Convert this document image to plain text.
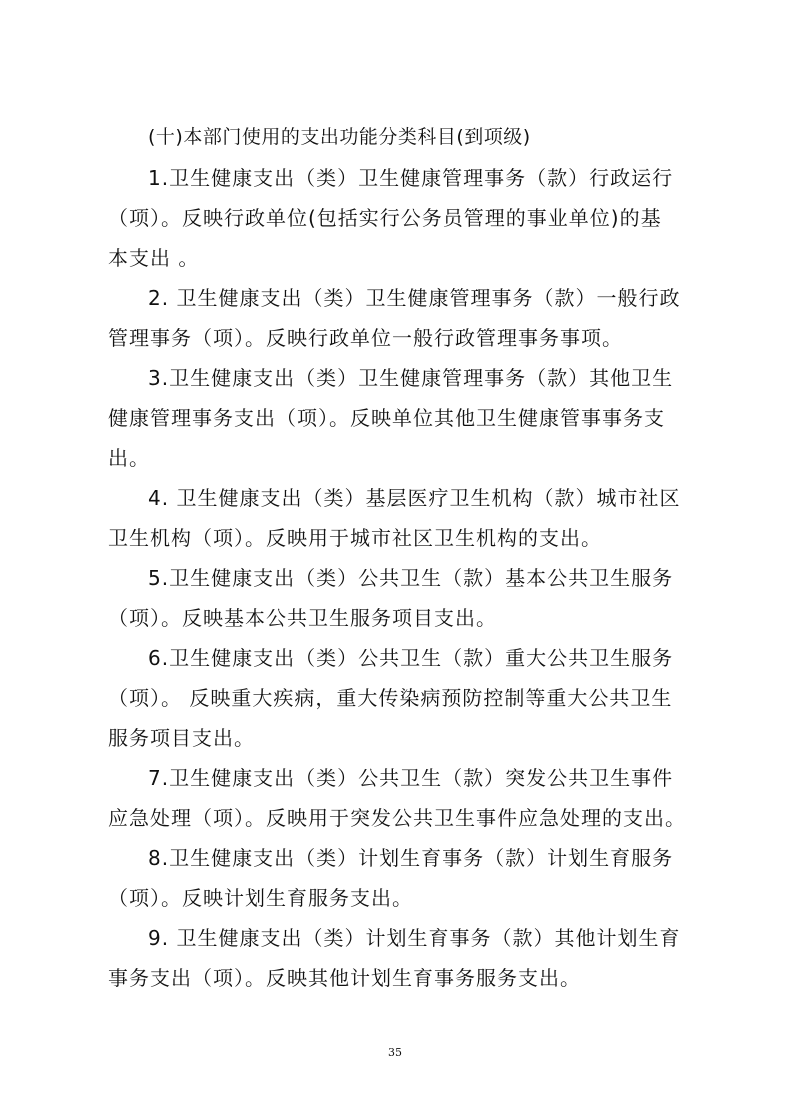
(十)本部门使用的支出功能分类科目(到项级)
1.卫生健康支出（类）卫生健康管理事务（款）行政运行
（项）。反映行政单位(包括实行公务员管理的事业单位)的基
本支出 。
2. 卫生健康支出（类）卫生健康管理事务（款）一般行政
管理事务（项）。反映行政单位一般行政管理事务事项。
3.卫生健康支出（类）卫生健康管理事务（款）其他卫生
健康管理事务支出（项）。反映单位其他卫生健康管事事务支
出。
4. 卫生健康支出（类）基层医疗卫生机构（款）城市社区
卫生机构（项）。反映用于城市社区卫生机构的支出。
5.卫生健康支出（类）公共卫生（款）基本公共卫生服务
（项）。反映基本公共卫生服务项目支出。
6.卫生健康支出（类）公共卫生（款）重大公共卫生服务
（项）。 反映重大疾病，重大传染病预防控制等重大公共卫生
服务项目支出。
7.卫生健康支出（类）公共卫生（款）突发公共卫生事件
应急处理（项）。反映用于突发公共卫生事件应急处理的支出。
8.卫生健康支出（类）计划生育事务（款）计划生育服务
（项）。反映计划生育服务支出。
9. 卫生健康支出（类）计划生育事务（款）其他计划生育
事务支出（项）。反映其他计划生育事务服务支出。
35
